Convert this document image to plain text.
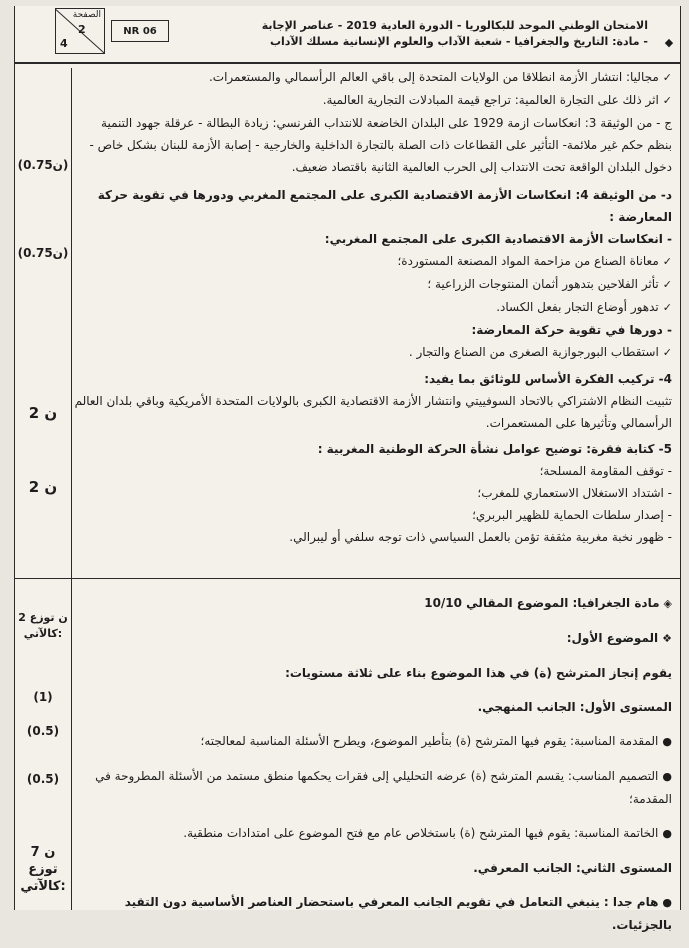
الصفحة
2
4
NR 06	الامتحان الوطني الموحد للبكالوريا - الدورة العادية 2019 - عناصر الإجابة
- مادة: التاريخ والجغرافيا - شعبة الآداب والعلوم الإنسانية مسلك الآداب	◆
(0.75ن)
(0.75ن)
2 ن
2 ن
2 ن توزع كالآتي:
(1)
(0.5)
(0.5)
7 ن توزع كالآتي:

✓مجاليا: انتشار الأزمة انطلاقا من الولايات المتحدة إلى باقي العالم الرأسمالي والمستعمرات.

✓اثر ذلك على التجارة العالمية: تراجع قيمة المبادلات التجارية العالمية.

ج - من الوثيقة 3: انعكاسات ازمة 1929 على البلدان الخاضعة للانتداب الفرنسي: زيادة البطالة - عرقلة جهود التنمية بنظم حكم غير ملائمة- التأثير على القطاعات ذات الصلة بالتجارة الداخلية والخارجية - إصابة الأزمة للبنان بشكل خاص - دخول البلدان الواقعة تحت الانتداب إلى الحرب العالمية الثانية باقتصاد ضعيف.

د- من الوثيقة 4: انعكاسات الأزمة الاقتصادية الكبرى على المجتمع المغربي ودورها في تقوية حركة المعارضة :

- انعكاسات الأزمة الاقتصادية الكبرى على المجتمع المغربي:

✓معاناة الصناع من مزاحمة المواد المصنعة المستوردة؛

✓تأثر الفلاحين بتدهور أثمان المنتوجات الزراعية ؛

✓تدهور أوضاع التجار بفعل الكساد.

- دورها في تقوية حركة المعارضة:

✓استقطاب البورجوازية الصغرى من الصناع والتجار .

4- تركيب الفكرة الأساس للوثائق بما يفيد:

تثبيت النظام الاشتراكي بالاتحاد السوفييتي وانتشار الأزمة الاقتصادية الكبرى بالولايات المتحدة الأمريكية وباقي بلدان العالم الرأسمالي وتأثيرها على المستعمرات.

5- كتابة فقرة: توضيح عوامل نشأة الحركة الوطنية المغربية :

- توقف المقاومة المسلحة؛

- اشتداد الاستغلال الاستعماري للمغرب؛

- إصدار سلطات الحماية للظهير البربري؛

- ظهور نخبة مغربية مثقفة تؤمن بالعمل السياسي ذات توجه سلفي أو ليبرالي.

◈مادة الجغرافيا: الموضوع المقالي 10/10

❖الموضوع الأول:

يقوم إنجاز المترشح (ة) في هذا الموضوع بناء على ثلاثة مستويات:

المستوى الأول: الجانب المنهجي.

●المقدمة المناسبة: يقوم فيها المترشح (ة) بتأطير الموضوع، ويطرح الأسئلة المناسبة لمعالجته؛

●التصميم المناسب: يقسم المترشح (ة) عرضه التحليلي إلى فقرات يحكمها منطق مستمد من الأسئلة المطروحة في المقدمة؛

●الخاتمة المناسبة: يقوم فيها المترشح (ة) باستخلاص عام مع فتح الموضوع على امتدادات منطقية.

المستوى الثاني: الجانب المعرفي.

●هام جدا : ينبغي التعامل في تقويم الجانب المعرفي باستحضار العناصر الأساسية دون التقيد بالجزئيات.
